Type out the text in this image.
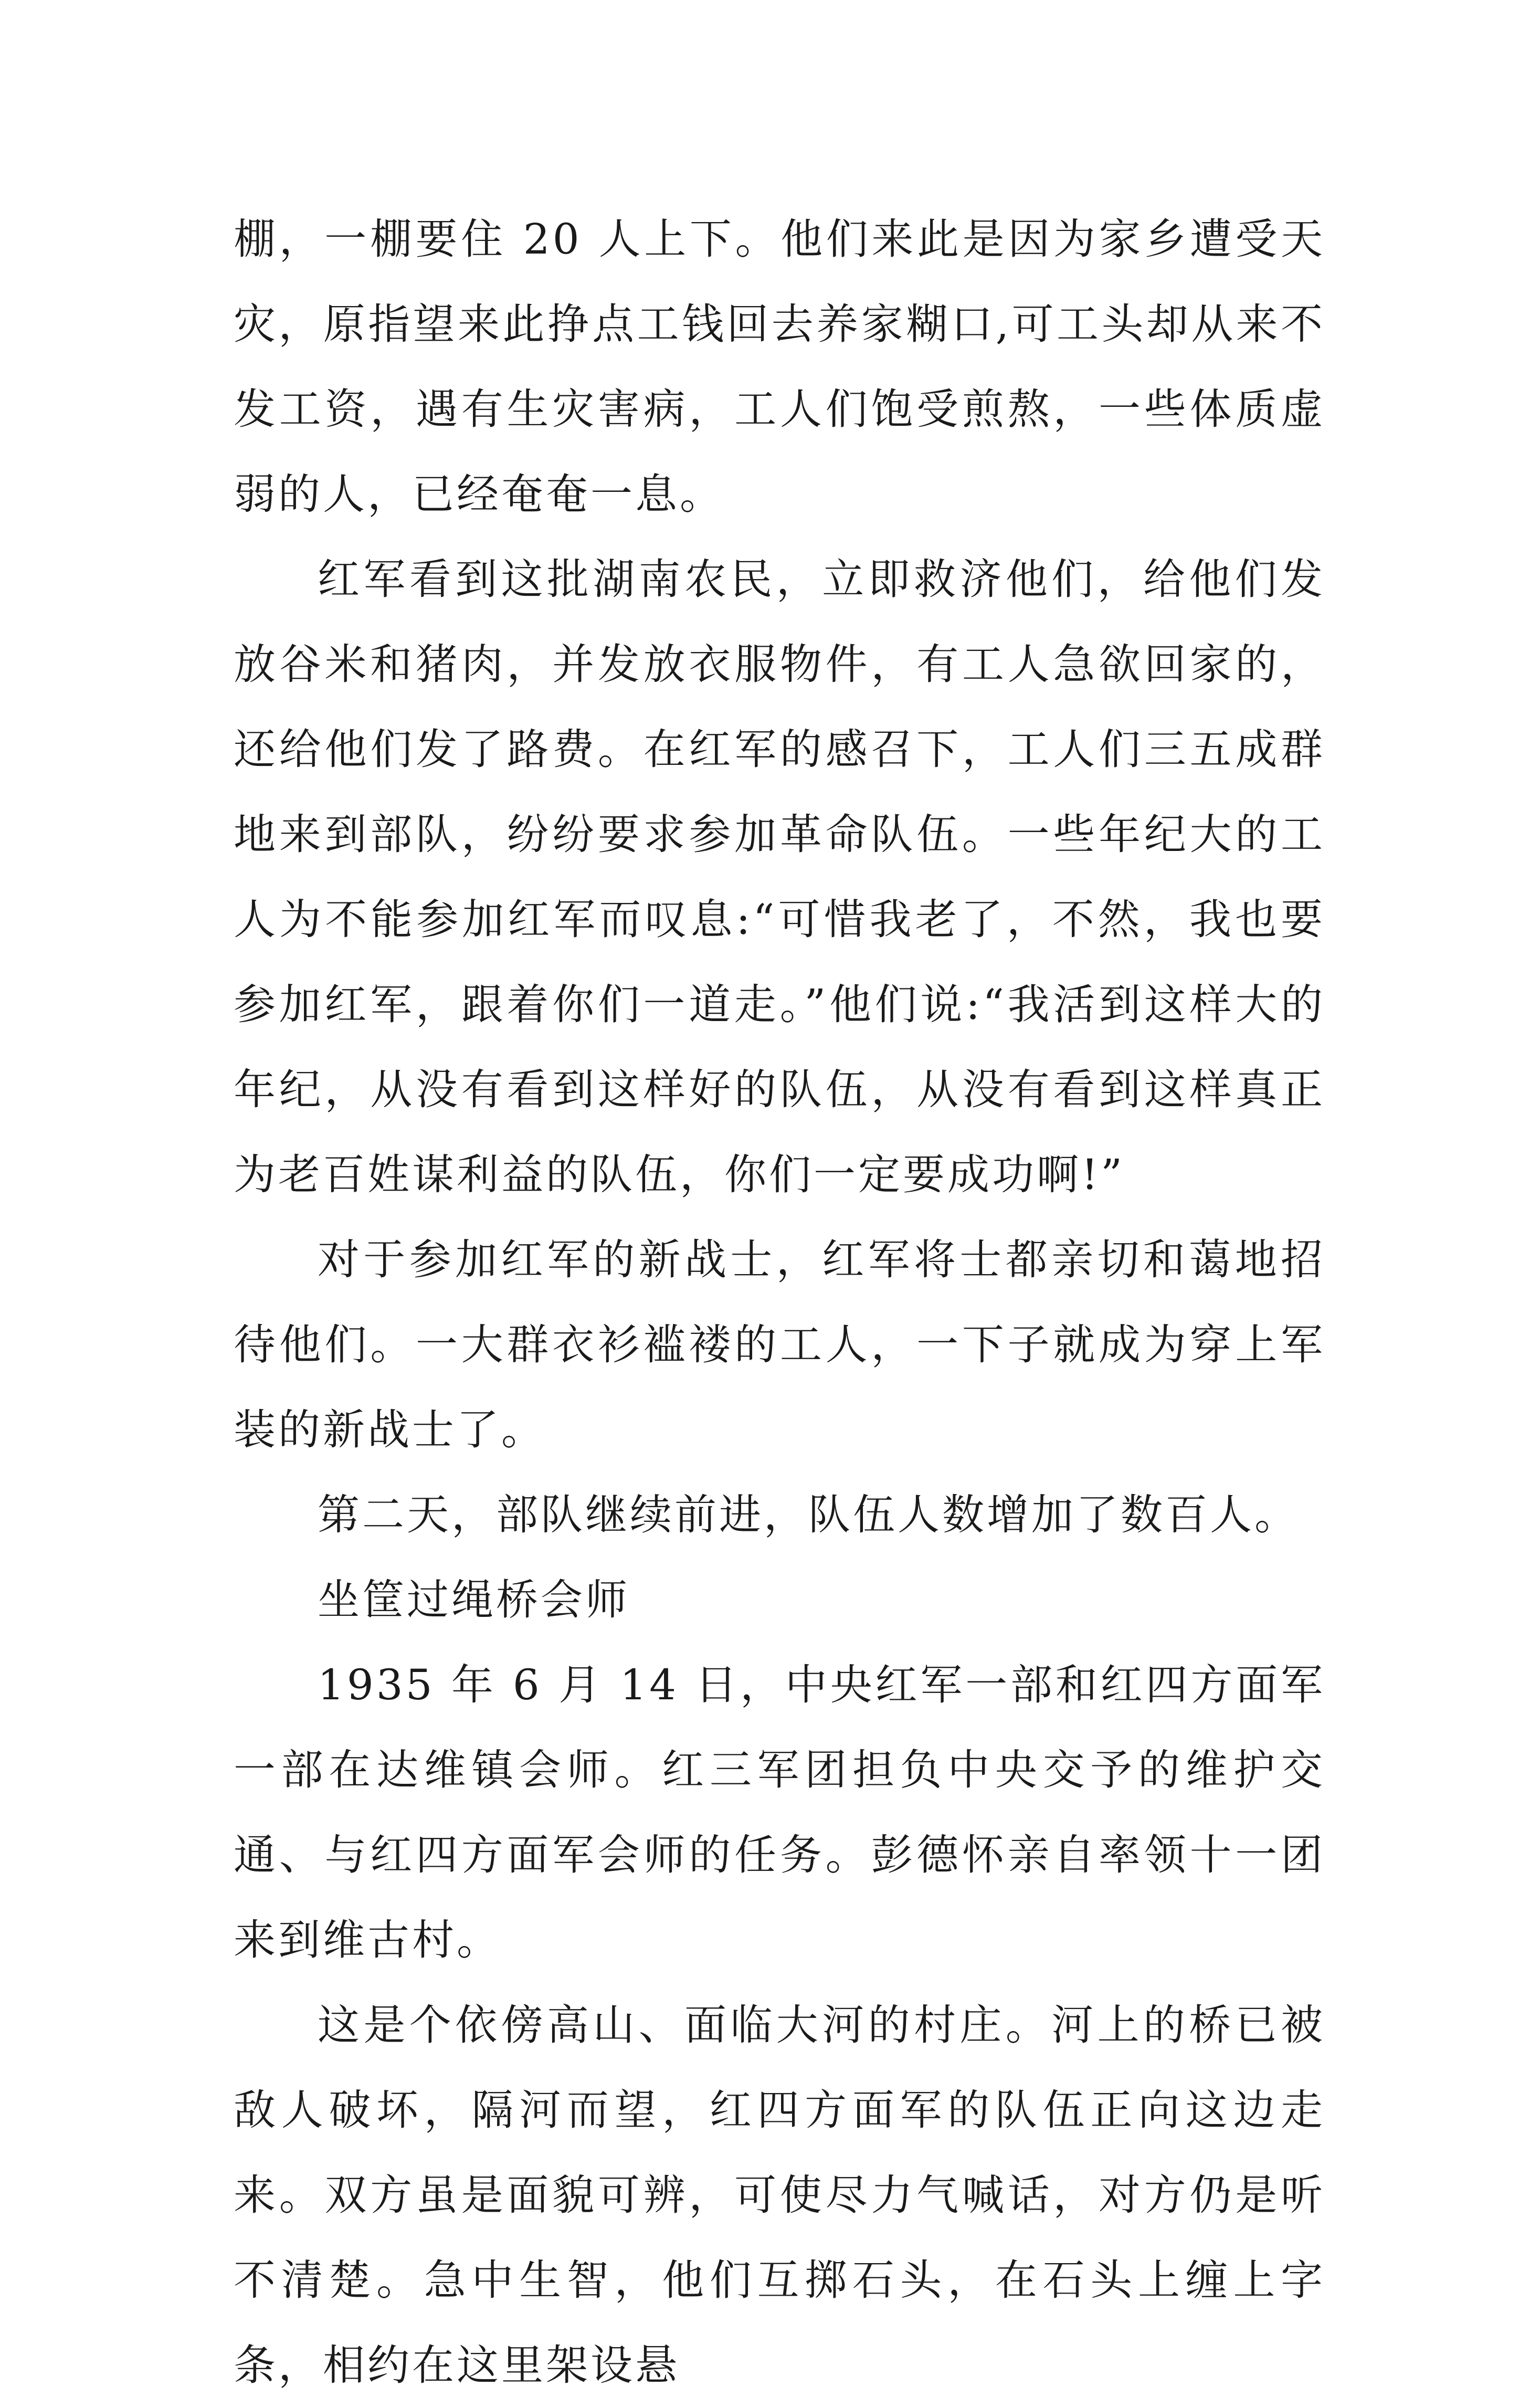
棚，一棚要住 20 人上下。他们来此是因为家乡遭受天灾，原指望来此挣点工钱回去养家糊口,可工头却从来不发工资，遇有生灾害病，工人们饱受煎熬，一些体质虚弱的人，已经奄奄一息。

红军看到这批湖南农民，立即救济他们，给他们发放谷米和猪肉，并发放衣服物件，有工人急欲回家的，还给他们发了路费。在红军的感召下，工人们三五成群地来到部队，纷纷要求参加革命队伍。一些年纪大的工人为不能参加红军而叹息:“可惜我老了，不然，我也要参加红军，跟着你们一道走。”他们说:“我活到这样大的年纪，从没有看到这样好的队伍，从没有看到这样真正为老百姓谋利益的队伍，你们一定要成功啊!”

对于参加红军的新战士，红军将士都亲切和蔼地招待他们。一大群衣衫褴褛的工人，一下子就成为穿上军装的新战士了。

第二天，部队继续前进，队伍人数增加了数百人。

坐筐过绳桥会师

1935 年 6 月 14 日，中央红军一部和红四方面军一部在达维镇会师。红三军团担负中央交予的维护交通、与红四方面军会师的任务。彭德怀亲自率领十一团来到维古村。

这是个依傍高山、面临大河的村庄。河上的桥已被敌人破坏，隔河而望，红四方面军的队伍正向这边走来。双方虽是面貌可辨，可使尽力气喊话，对方仍是听不清楚。急中生智，他们互掷石头，在石头上缠上字条，相约在这里架设悬
